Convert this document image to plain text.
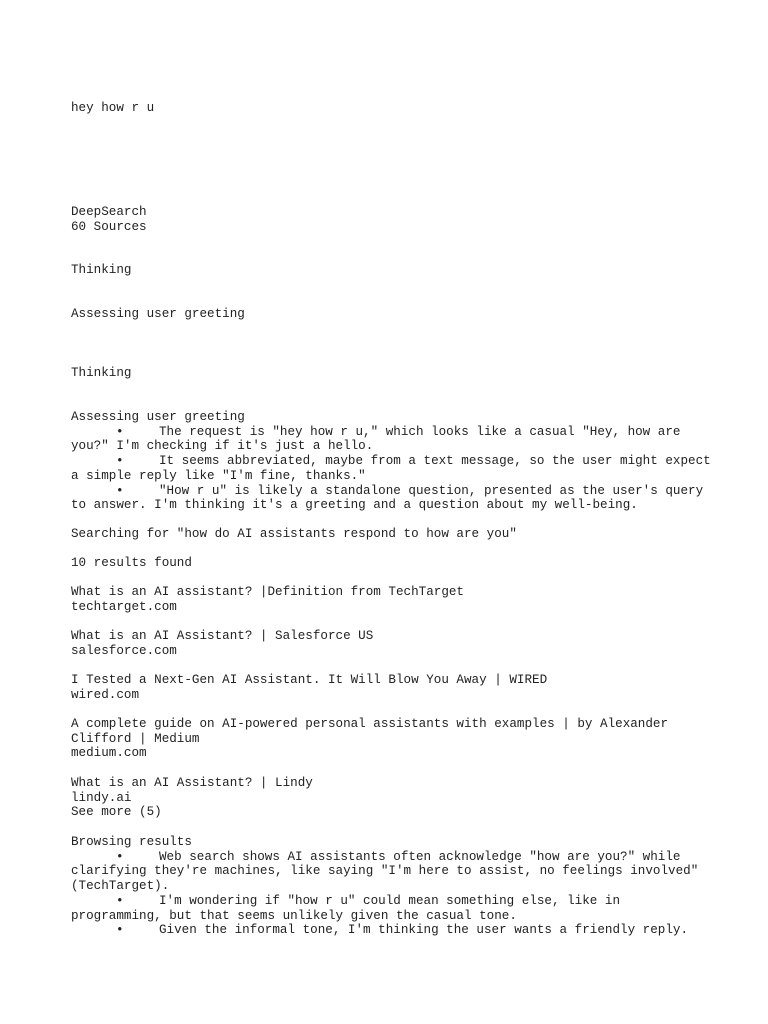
hey how r u
DeepSearch
60 Sources
Thinking
Assessing user greeting
Thinking
Assessing user greeting
•	The request is "hey how r u," which looks like a casual "Hey, how are you?" I'm checking if it's just a hello.
•	It seems abbreviated, maybe from a text message, so the user might expect a simple reply like "I'm fine, thanks."
•	"How r u" is likely a standalone question, presented as the user's query to answer. I'm thinking it's a greeting and a question about my well-being.
Searching for "how do AI assistants respond to how are you"
10 results found
What is an AI assistant? |Definition from TechTarget
techtarget.com
What is an AI Assistant? | Salesforce US
salesforce.com
I Tested a Next-Gen AI Assistant. It Will Blow You Away | WIRED
wired.com
A complete guide on AI-powered personal assistants with examples | by Alexander Clifford | Medium
medium.com
What is an AI Assistant? | Lindy
lindy.ai
See more (5)
Browsing results
•	Web search shows AI assistants often acknowledge "how are you?" while clarifying they're machines, like saying "I'm here to assist, no feelings involved" (TechTarget).
•	I'm wondering if "how r u" could mean something else, like in programming, but that seems unlikely given the casual tone.
•	Given the informal tone, I'm thinking the user wants a friendly reply.
